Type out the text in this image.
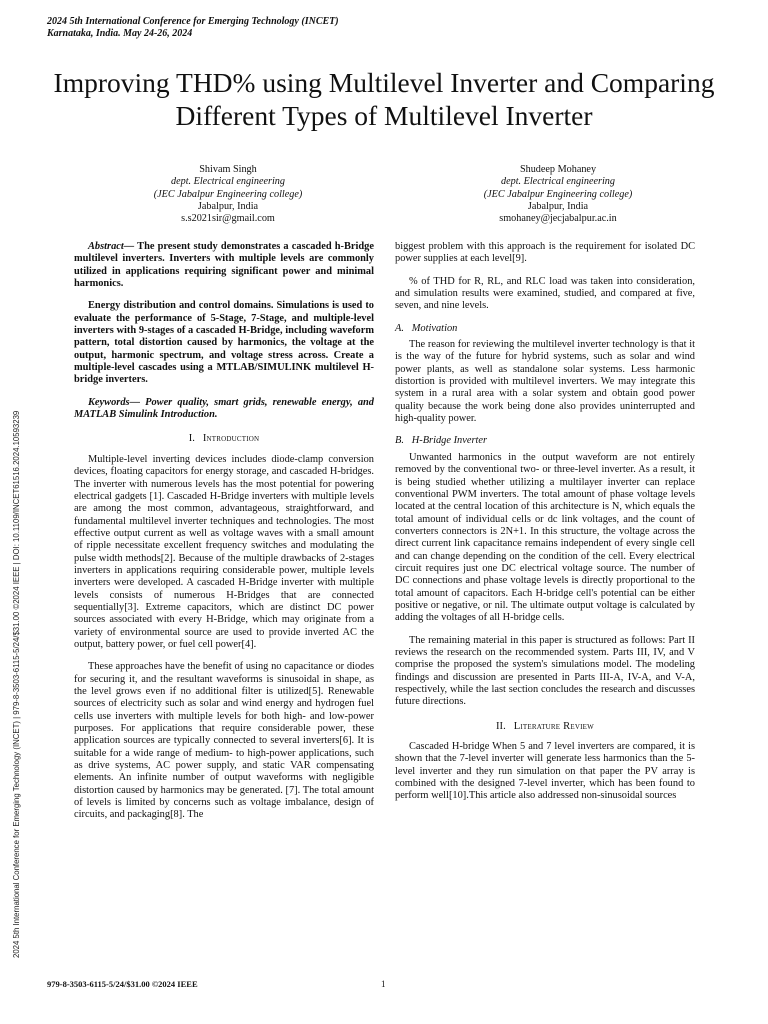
2024 5th International Conference for Emerging Technology (INCET)
Karnataka, India. May 24-26, 2024
Improving THD% using Multilevel Inverter and Comparing Different Types of Multilevel Inverter
Shivam Singh
dept. Electrical engineering
(JEC Jabalpur Engineering college)
Jabalpur, India
s.s2021sir@gmail.com
Shudeep Mohaney
dept. Electrical engineering
(JEC Jabalpur Engineering college)
Jabalpur, India
smohaney@jecjabalpur.ac.in
2024 5th International Conference for Emerging Technology (INCET) | 979-8-3503-6115-5/24/$31.00 ©2024 IEEE | DOI: 10.1109/INCET61516.2024.10593239

Abstract— The present study demonstrates a cascaded h-Bridge multilevel inverters. Inverters with multiple levels are commonly utilized in applications requiring significant power and minimal harmonics.

Energy distribution and control domains. Simulations is used to evaluate the performance of 5-Stage, 7-Stage, and multiple-level inverters with 9-stages of a cascaded H-Bridge, including waveform pattern, total distortion caused by harmonics, the voltage at the output, harmonic spectrum, and voltage stress across. Create a multiple-level cascades using a MTLAB/SIMULINK multilevel H-bridge inverters.

Keywords— Power quality, smart grids, renewable energy, and MATLAB Simulink Introduction.

I. Introduction

Multiple-level inverting devices includes diode-clamp conversion devices, floating capacitors for energy storage, and cascaded H-bridges. The inverter with numerous levels has the most potential for powering electrical gadgets [1]. Cascaded H-Bridge inverters with multiple levels are among the most common, advantageous, straightforward, and fundamental multilevel inverter techniques and technologies. The most effective output current as well as voltage waves with a small amount of ripple necessitate excellent frequency switches and modulating the pulse width methods[2]. Because of the multiple drawbacks of 2-stages inverters in applications requiring considerable power, multiple levels inverters were developed. A cascaded H-Bridge inverter with multiple levels consists of numerous H-Bridges that are connected sequentially[3]. Extreme capacitors, which are distinct DC power sources associated with every H-Bridge, which may originate from a variety of environmental source are used to provide inverted AC the output, battery power, or fuel cell power[4].

These approaches have the benefit of using no capacitance or diodes for securing it, and the resultant waveforms is sinusoidal in shape, as the level grows even if no additional filter is utilized[5]. Renewable sources of electricity such as solar and wind energy and hydrogen fuel cells use inverters with multiple levels for both high- and low-power purposes. For applications that require considerable power, these application sources are typically connected to several inverters[6]. It is suitable for a wide range of medium- to high-power applications, such as drive systems, AC power supply, and static VAR compensating elements. An infinite number of output waveforms with negligible distortion caused by harmonics may be generated. [7]. The total amount of levels is limited by concerns such as voltage imbalance, design of circuits, and packaging[8]. The

biggest problem with this approach is the requirement for isolated DC power supplies at each level[9].

% of THD for R, RL, and RLC load was taken into consideration, and simulation results were examined, studied, and compared at five, seven, and nine levels.

A. Motivation

The reason for reviewing the multilevel inverter technology is that it is the way of the future for hybrid systems, such as solar and wind power plants, as well as standalone solar systems. Less harmonic distortion is provided with multilevel inverters. We may integrate this system in a rural area with a solar system and obtain good power quality because the work being done also provides uninterrupted and high-quality power.

B. H-Bridge Inverter

Unwanted harmonics in the output waveform are not entirely removed by the conventional two- or three-level inverter. As a result, it is being studied whether utilizing a multilayer inverter can replace conventional PWM inverters. The total amount of phase voltage levels located at the central location of this architecture is N, which equals the total amount of individual cells or dc link voltages, and the count of converters connectors is 2N+1. In this structure, the voltage across the direct current link capacitance remains independent of every single cell and can change depending on the condition of the cell. Every electrical circuit requires just one DC electrical voltage source. The number of DC connections and phase voltage levels is directly proportional to the total amount of capacitors. Each H-bridge cell's potential can be either positive or negative, or nil. The ultimate output voltage is calculated by adding the voltages of all H-bridge cells.

The remaining material in this paper is structured as follows: Part II reviews the research on the recommended system. Parts III, IV, and V comprise the proposed the system's simulations model. The modeling findings and discussion are presented in Parts III-A, IV-A, and V-A, respectively, while the last section concludes the research and discusses future directions.

II. Literature Review

Cascaded H-bridge When 5 and 7 level inverters are compared, it is shown that the 7-level inverter will generate less harmonics than the 5-level inverter and they run simulation on that paper the PV array is combined with the designed 7-level inverter, which has been found to perform well[10].This article also addressed non-sinusoidal sources

979-8-3503-6115-5/24/$31.00 ©2024 IEEE	1
